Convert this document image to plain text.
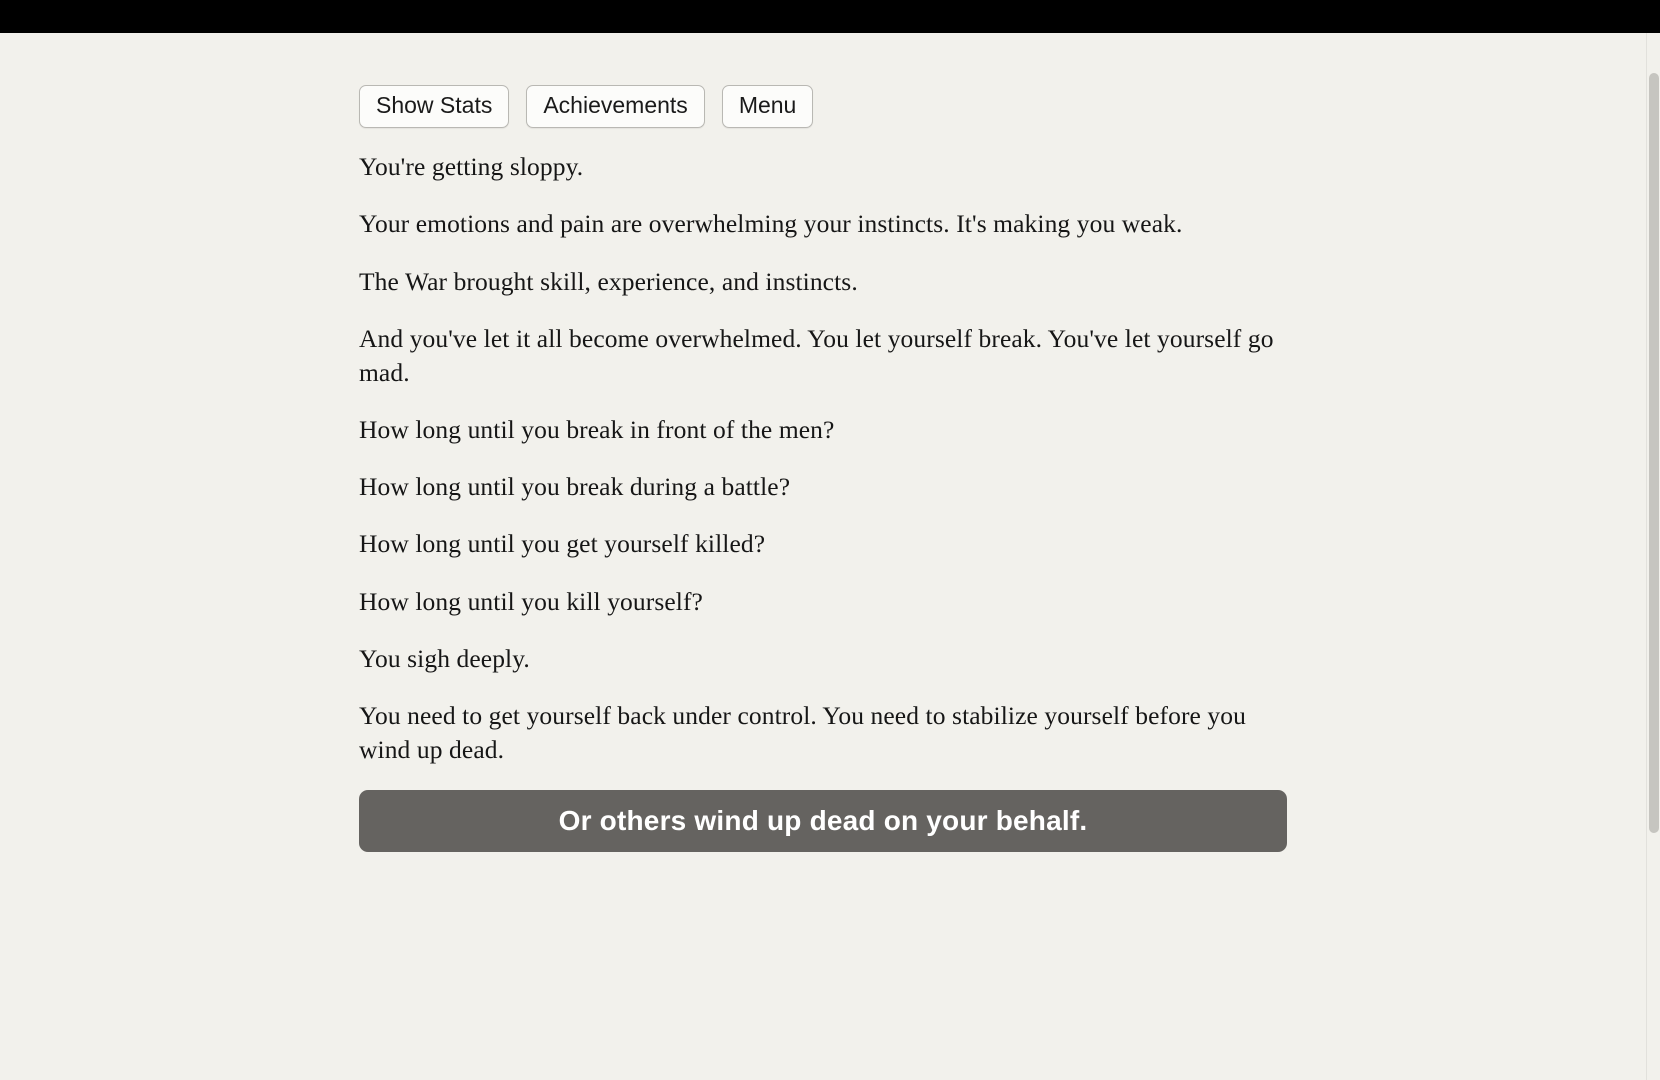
Show Stats	Achievements	Menu

You're getting sloppy.

Your emotions and pain are overwhelming your instincts. It's making you weak.

The War brought skill, experience, and instincts.

And you've let it all become overwhelmed. You let yourself break. You've let yourself go mad.

How long until you break in front of the men?

How long until you break during a battle?

How long until you get yourself killed?

How long until you kill yourself?

You sigh deeply.

You need to get yourself back under control. You need to stabilize yourself before you wind up dead.

Or others wind up dead on your behalf.
